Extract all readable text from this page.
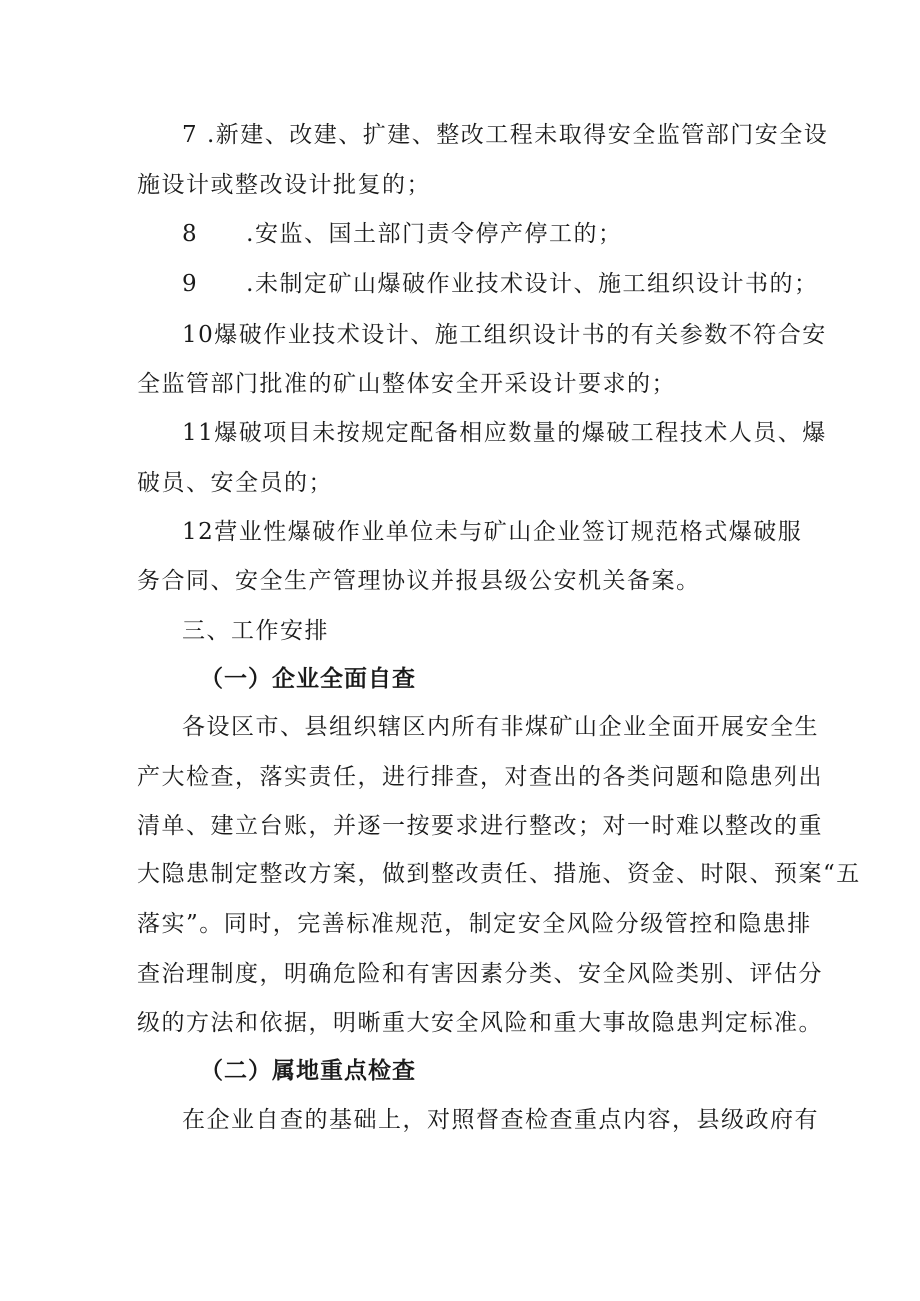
7 .新建、改建、扩建、整改工程未取得安全监管部门安全设
施设计或整改设计批复的；
8 .安监、国土部门责令停产停工的；
9 .未制定矿山爆破作业技术设计、施工组织设计书的；
10爆破作业技术设计、施工组织设计书的有关参数不符合安
全监管部门批准的矿山整体安全开采设计要求的；
11爆破项目未按规定配备相应数量的爆破工程技术人员、爆
破员、安全员的；
12营业性爆破作业单位未与矿山企业签订规范格式爆破服
务合同、安全生产管理协议并报县级公安机关备案。
三、工作安排
（一）企业全面自查
各设区市、县组织辖区内所有非煤矿山企业全面开展安全生
产大检查，落实责任，进行排查，对查出的各类问题和隐患列出
清单、建立台账，并逐一按要求进行整改；对一时难以整改的重
大隐患制定整改方案，做到整改责任、措施、资金、时限、预案“五
落实”。同时，完善标准规范，制定安全风险分级管控和隐患排
查治理制度，明确危险和有害因素分类、安全风险类别、评估分
级的方法和依据，明晰重大安全风险和重大事故隐患判定标准。
（二）属地重点检查
在企业自查的基础上，对照督查检查重点内容，县级政府有
